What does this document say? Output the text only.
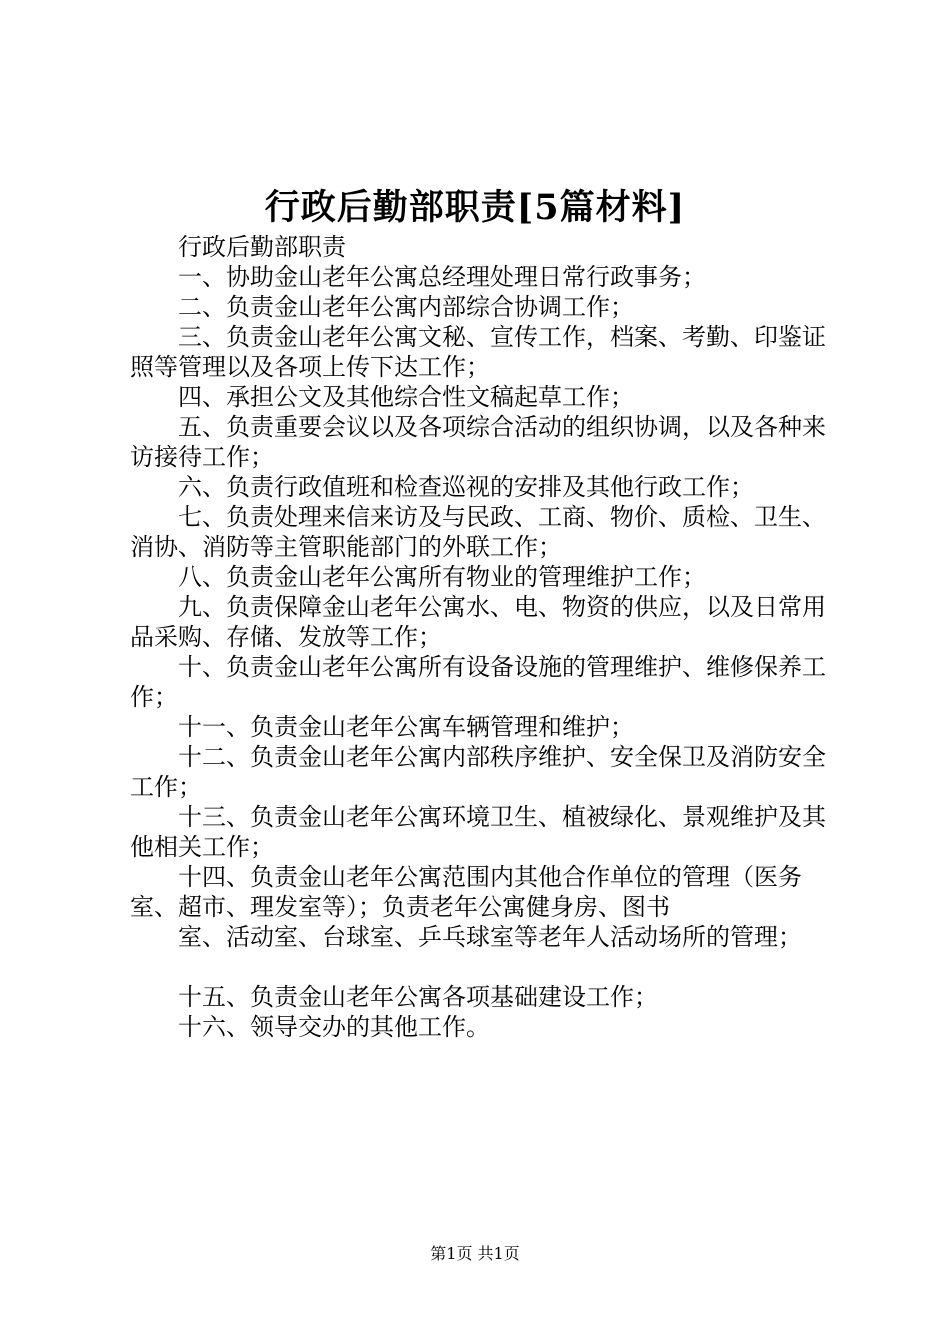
行政后勤部职责[5篇材料]

行政后勤部职责

一、协助金山老年公寓总经理处理日常行政事务；

二、负责金山老年公寓内部综合协调工作；

三、负责金山老年公寓文秘、宣传工作，档案、考勤、印鉴证照等管理以及各项上传下达工作；

四、承担公文及其他综合性文稿起草工作；

五、负责重要会议以及各项综合活动的组织协调，以及各种来访接待工作；

六、负责行政值班和检查巡视的安排及其他行政工作；

七、负责处理来信来访及与民政、工商、物价、质检、卫生、消协、消防等主管职能部门的外联工作；

八、负责金山老年公寓所有物业的管理维护工作；

九、负责保障金山老年公寓水、电、物资的供应，以及日常用品采购、存储、发放等工作；

十、负责金山老年公寓所有设备设施的管理维护、维修保养工作；

十一、负责金山老年公寓车辆管理和维护；

十二、负责金山老年公寓内部秩序维护、安全保卫及消防安全工作；

十三、负责金山老年公寓环境卫生、植被绿化、景观维护及其他相关工作；

十四、负责金山老年公寓范围内其他合作单位的管理（医务室、超市、理发室等）；负责老年公寓健身房、图书

室、活动室、台球室、乒乓球室等老年人活动场所的管理；

十五、负责金山老年公寓各项基础建设工作；

十六、领导交办的其他工作。

第1页 共1页
